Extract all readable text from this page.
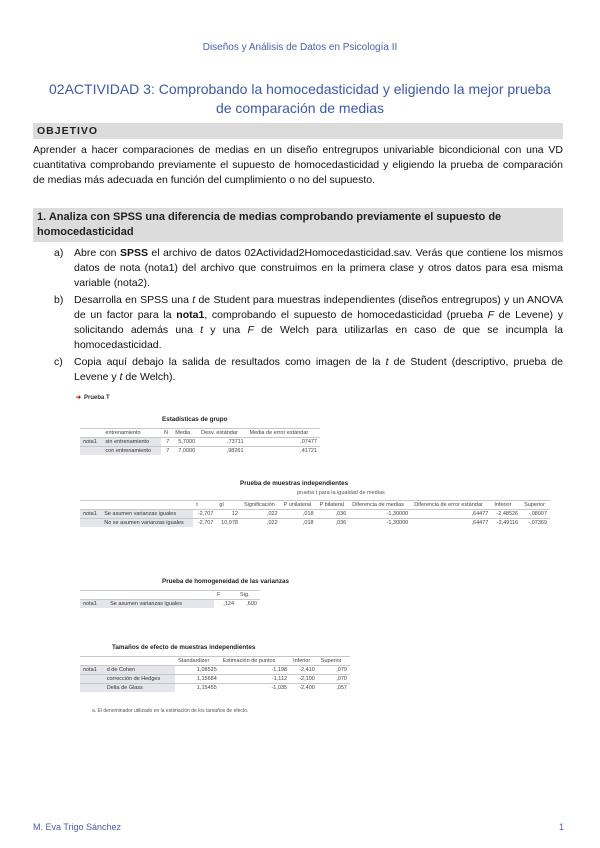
Diseños y Análisis de Datos en Psicología II
02ACTIVIDAD 3: Comprobando la homocedasticidad y eligiendo la mejor prueba de comparación de medias
OBJETIVO
Aprender a hacer comparaciones de medias en un diseño entregrupos univariable bicondicional con una VD cuantitativa comprobando previamente el supuesto de homocedasticidad y eligiendo la prueba de comparación de medias más adecuada en función del cumplimiento o no del supuesto.
1. Analiza con SPSS una diferencia de medias comprobando previamente el supuesto de homocedasticidad
a) Abre con SPSS el archivo de datos 02Actividad2Homocedasticidad.sav. Verás que contiene los mismos datos de nota (nota1) del archivo que construimos en la primera clase y otros datos para esa misma variable (nota2).
b) Desarrolla en SPSS una t de Student para muestras independientes (diseños entregrupos) y un ANOVA de un factor para la nota1, comprobando el supuesto de homocedasticidad (prueba F de Levene) y solicitando además una t y una F de Welch para utilizarlas en caso de que se incumpla la homocedasticidad.
c) Copia aquí debajo la salida de resultados como imagen de la t de Student (descriptivo, prueba de Levene y t de Welch).
➔ Prueba T
Estadísticas de grupo
	entrenamiento	N	Media	Desv. estándar	Media de error estándar
nota1	sin entrenamiento	7	5,7000	,73711	,07477
	con entrenamiento	7	7,0000	,98261	,41721
Prueba de muestras independientes
prueba t para la igualdad de medias
		t	gl	Significación	P unilateral	P bilateral	Diferencia de medias	Diferencia de error estándar	Inferior	Superior
nota1	Se asumen varianzas iguales	-2,707	12	,022	,018	,036	-1,30000	,64477	-2,48526	-,08007
	No se asumen varianzas iguales	-2,707	10,978	,022	,018	,036	-1,30000	,64477	-2,49116	-,07369
Prueba de homogeneidad de las varianzas
		F	Sig.
nota1	Se asumen varianzas iguales	,124	,600
Tamaños de efecto de muestras independientes
		Standardizer	Estimación de puntos	Inferior	Superior
nota1	d de Cohen	1,08525	-1,198	-2,410	,079
	corrección de Hedges	1,15684	-1,112	-2,190	,070
	Delta de Glass	1,15455	-1,035	-2,400	,057
a. El denominador utilizado en la estimación de los tamaños de efecto.
M. Eva Trigo Sánchez	1
